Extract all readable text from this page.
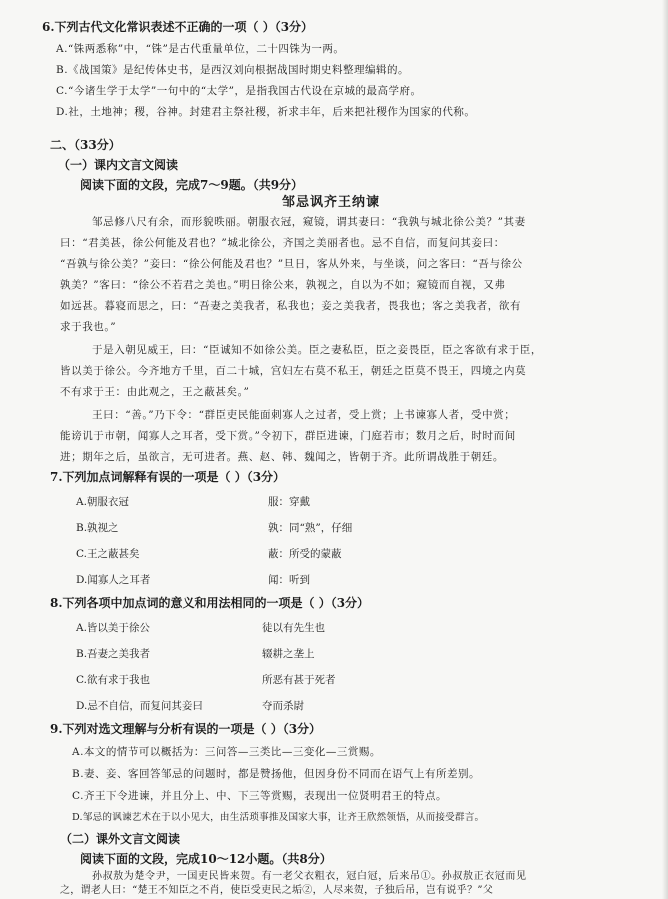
6.下列古代文化常识表述不正确的一项（ ）（3分）
A.“铢两悉称”中，“铢”是古代重量单位，二十四铢为一两。
B.《战国策》是纪传体史书，是西汉刘向根据战国时期史料整理编辑的。
C.“今诸生学于太学”一句中的“太学”，是指我国古代设在京城的最高学府。
D.社，土地神；稷，谷神。封建君主祭社稷，祈求丰年，后来把社稷作为国家的代称。
二、（33分）
（一）课内文言文阅读
阅读下面的文段，完成7～9题。（共9分）
邹忌讽齐王纳谏
邹忌修八尺有余，而形貌昳丽。朝服衣冠，窥镜，谓其妻曰：“我孰与城北徐公美？”其妻
曰：“君美甚，徐公何能及君也？”城北徐公，齐国之美丽者也。忌不自信，而复问其妾曰：
“吾孰与徐公美？”妾曰：“徐公何能及君也？”旦日，客从外来，与坐谈，问之客曰：“吾与徐公
孰美？”客曰：“徐公不若君之美也。”明日徐公来，孰视之，自以为不如；窥镜而自视，又弗
如远甚。暮寝而思之，曰：“吾妻之美我者，私我也；妾之美我者，畏我也；客之美我者，欲有
求于我也。”
于是入朝见威王，曰：“臣诚知不如徐公美。臣之妻私臣，臣之妾畏臣，臣之客欲有求于臣，
皆以美于徐公。今齐地方千里，百二十城，宫妇左右莫不私王，朝廷之臣莫不畏王，四境之内莫
不有求于王：由此观之，王之蔽甚矣。”
王曰：“善。”乃下令：“群臣吏民能面刺寡人之过者，受上赏；上书谏寡人者，受中赏；
能谤讥于市朝，闻寡人之耳者，受下赏。”令初下，群臣进谏，门庭若市；数月之后，时时而间
进；期年之后，虽欲言，无可进者。燕、赵、韩、魏闻之，皆朝于齐。此所谓战胜于朝廷。
7.下列加点词解释有误的一项是（ ）（3分）
A.朝服衣冠	服：穿戴
B.孰视之	孰：同“熟”，仔细
C.王之蔽甚矣	蔽：所受的蒙蔽
D.闻寡人之耳者	闻：听到
8.下列各项中加点词的意义和用法相同的一项是（ ）（3分）
A.皆以美于徐公	徒以有先生也
B.吾妻之美我者	辍耕之垄上
C.欲有求于我也	所恶有甚于死者
D.忌不自信，而复问其妾曰	夺而杀尉
9.下列对选文理解与分析有误的一项是（ ）（3分）
A.本文的情节可以概括为：三问答—三类比—三变化—三赏赐。
B.妻、妾、客回答邹忌的问题时，都是赞扬他，但因身份不同而在语气上有所差别。
C.齐王下令进谏，并且分上、中、下三等赏赐，表现出一位贤明君王的特点。
D.邹忌的讽谏艺术在于以小见大，由生活琐事推及国家大事，让齐王欣然领悟，从而接受群言。
（二）课外文言文阅读
阅读下面的文段，完成10～12小题。（共8分）
孙叔敖为楚令尹，一国吏民皆来贺。有一老父衣粗衣，冠白冠，后来吊①。孙叔敖正衣冠而见
之，谓老人曰：“楚王不知臣之不肖，使臣受吏民之垢②，人尽来贺，子独后吊，岂有说乎？”父
